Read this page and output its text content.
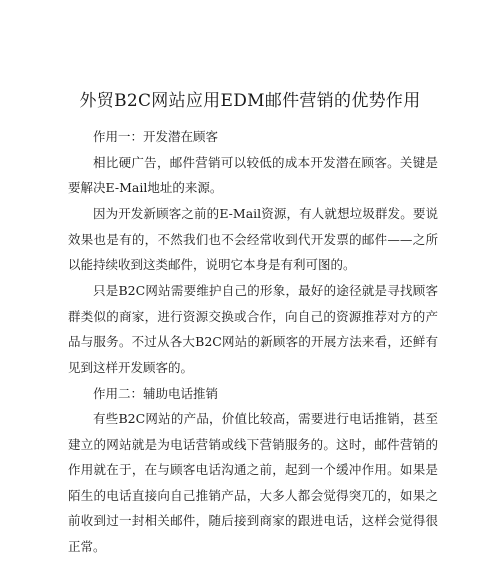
外贸B2C网站应用EDM邮件营销的优势作用

作用一：开发潜在顾客

相比硬广告，邮件营销可以较低的成本开发潜在顾客。关键是要解决E-Mail地址的来源。

因为开发新顾客之前的E-Mail资源，有人就想垃圾群发。要说效果也是有的，不然我们也不会经常收到代开发票的邮件——之所以能持续收到这类邮件，说明它本身是有利可图的。

只是B2C网站需要维护自己的形象，最好的途径就是寻找顾客群类似的商家，进行资源交换或合作，向自己的资源推荐对方的产品与服务。不过从各大B2C网站的新顾客的开展方法来看，还鲜有见到这样开发顾客的。

作用二：辅助电话推销

有些B2C网站的产品，价值比较高，需要进行电话推销，甚至建立的网站就是为电话营销或线下营销服务的。这时，邮件营销的作用就在于，在与顾客电话沟通之前，起到一个缓冲作用。如果是陌生的电话直接向自己推销产品，大多人都会觉得突兀的，如果之前收到过一封相关邮件，随后接到商家的跟进电话，这样会觉得很正常。
